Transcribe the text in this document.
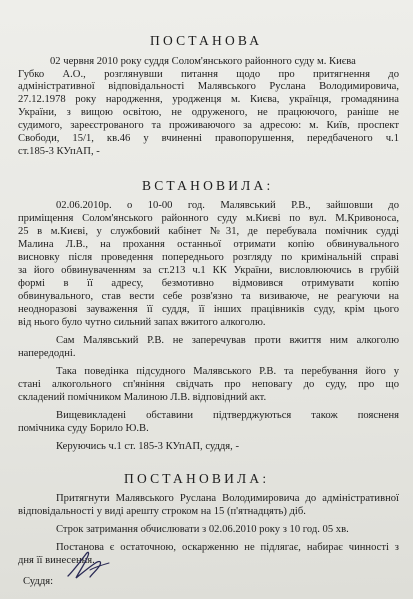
ПОСТАНОВА
02 червня 2010 року суддя Солом'янського районного суду м. Києва
Губко А.О., розглянувши питання щодо про притягнення до
адміністративної відповідальності Малявського Руслана Володимировича,
27.12.1978 року народження, уродженця м. Києва, українця, громадянина
України, з вищою освітою, не одруженого, не працюючого, раніше не
судимого, зареєстрованого та проживаючого за адресою: м. Київ, проспект
Свободи, 15/1, кв.46 у вчиненні правопорушення, передбаченого ч.1
ст.185-3 КУпАП, -
ВСТАНОВИЛА:
02.06.2010р. о 10-00 год. Малявський Р.В., зайшовши до
приміщення Солом'янського районного суду м.Києві по вул. М.Кривоноса,
25 в м.Києві, у службовий кабінет №31, де перебувала помічник судді
Малина Л.В., на прохання останньої отримати копію обвинувального
висновку після проведення попереднього розгляду по кримінальній справі
за його обвинуваченням за ст.213 ч.1 КК України, висловлюючись в грубій
формі в її адресу, безмотивно відмовився отримувати копію
обвинувального, став вести себе розв'язно та визиваюче, не реагуючи на
неодноразові зауваження її суддя, її інших працівників суду, крім цього
від нього було чутно сильний запах вжитого алкоголю.
Сам Малявський Р.В. не заперечував проти вжиття ним алкоголю
напередодні.
Така поведінка підсудного Малявського Р.В. та перебування його у
стані алкогольного сп'яніння свідчать про неповагу до суду, про що
складений помічником Малиною Л.В. відповідний акт.
Вищевикладені обставини підтверджуються також поясненя
помічника суду Борило Ю.В.
Керуючись ч.1 ст. 185-3 КУпАП, суддя, -
ПОСТАНОВИЛА:
Притягнути Малявського Руслана Володимировича до адміністративної
відповідальності у виді арешту строком на 15 (п'ятнадцять) діб.
Строк затримання обчислювати з 02.06.2010 року з 10 год. 05 хв.
Постанова є остаточною, оскарженню не підлягає, набирає чинності з
дня її винесення.
Суддя:
